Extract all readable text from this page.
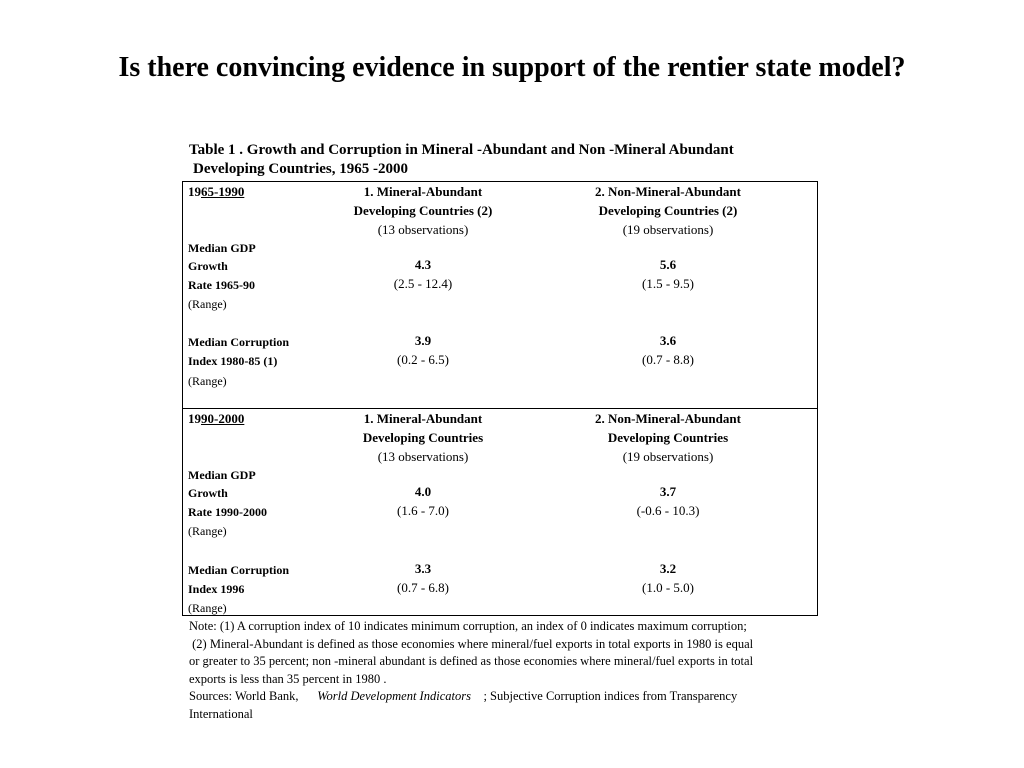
Is there convincing evidence in support of the rentier state model?
Table 1 . Growth and Corruption in Mineral -Abundant and Non -Mineral Abundant
Developing Countries, 1965 -2000
1965-1990	1. Mineral-Abundant
Developing Countries (2)
(13 observations)
2. Non-Mineral-Abundant
Developing Countries (2)
(19 observations)
Median GDP
Growth
Rate 1965-90
(Range)
4.3
(2.5 - 12.4)
5.6
(1.5 - 9.5)
Median Corruption
Index 1980-85 (1)
(Range)
3.9
(0.2 - 6.5)
3.6
(0.7 - 8.8)
1990-2000	1. Mineral-Abundant
Developing Countries
(13 observations)
2. Non-Mineral-Abundant
Developing Countries
(19 observations)
Median GDP
Growth
Rate 1990-2000
(Range)
4.0
(1.6 - 7.0)
3.7
(-0.6 - 10.3)
Median Corruption
Index 1996
(Range)
3.3
(0.7 - 6.8)
3.2
(1.0 - 5.0)
Note: (1) A corruption index of 10 indicates minimum corruption, an index of 0 indicates maximum corruption;
(2) Mineral-Abundant is defined as those economies where mineral/fuel exports in total exports in 1980 is equal
or greater to 35 percent; non -mineral abundant is defined as those economies where mineral/fuel exports in total
exports is less than 35 percent in 1980 .
Sources: World Bank, World Development Indicators ; Subjective Corruption indices from Transparency
International
